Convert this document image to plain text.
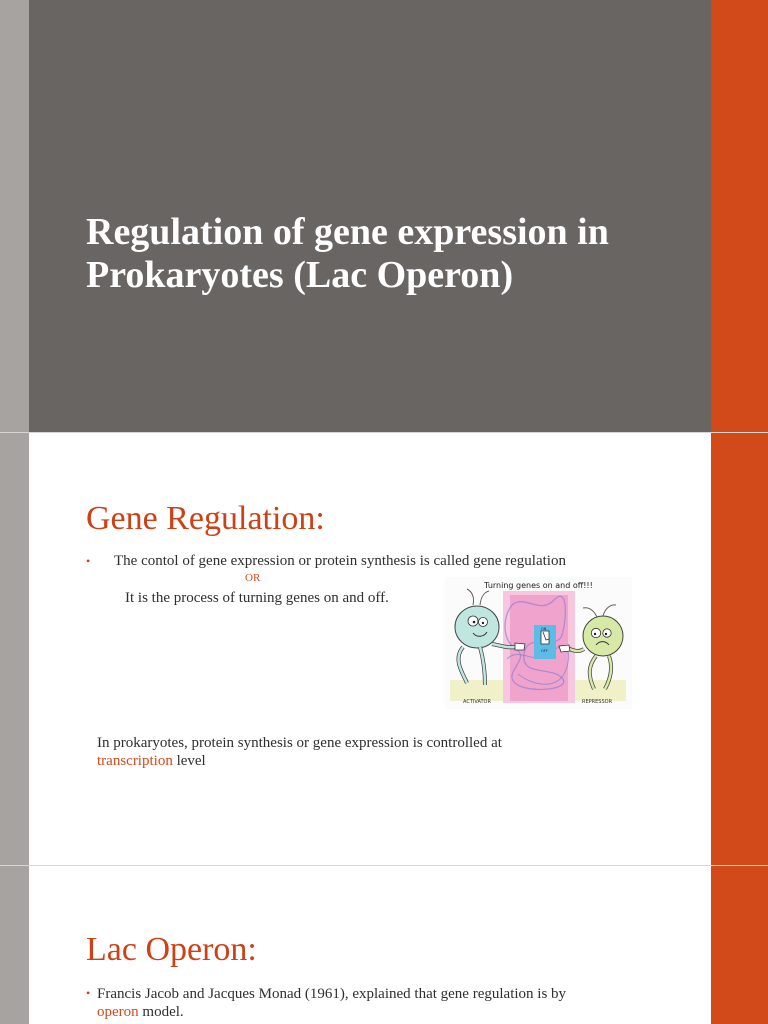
Regulation of gene expression in Prokaryotes (Lac Operon)
Gene Regulation:
• The contol of gene expression or protein synthesis is called gene regulation
OR
It is the process of turning genes on and off.
ON
OFF
Turning genes on and off!!!
ACTIVATOR	REPRESSOR
In prokaryotes, protein synthesis or gene expression is controlled at
transcription level
Lac Operon:
• Francis Jacob and Jacques Monad (1961), explained that gene regulation is by
operon model.
